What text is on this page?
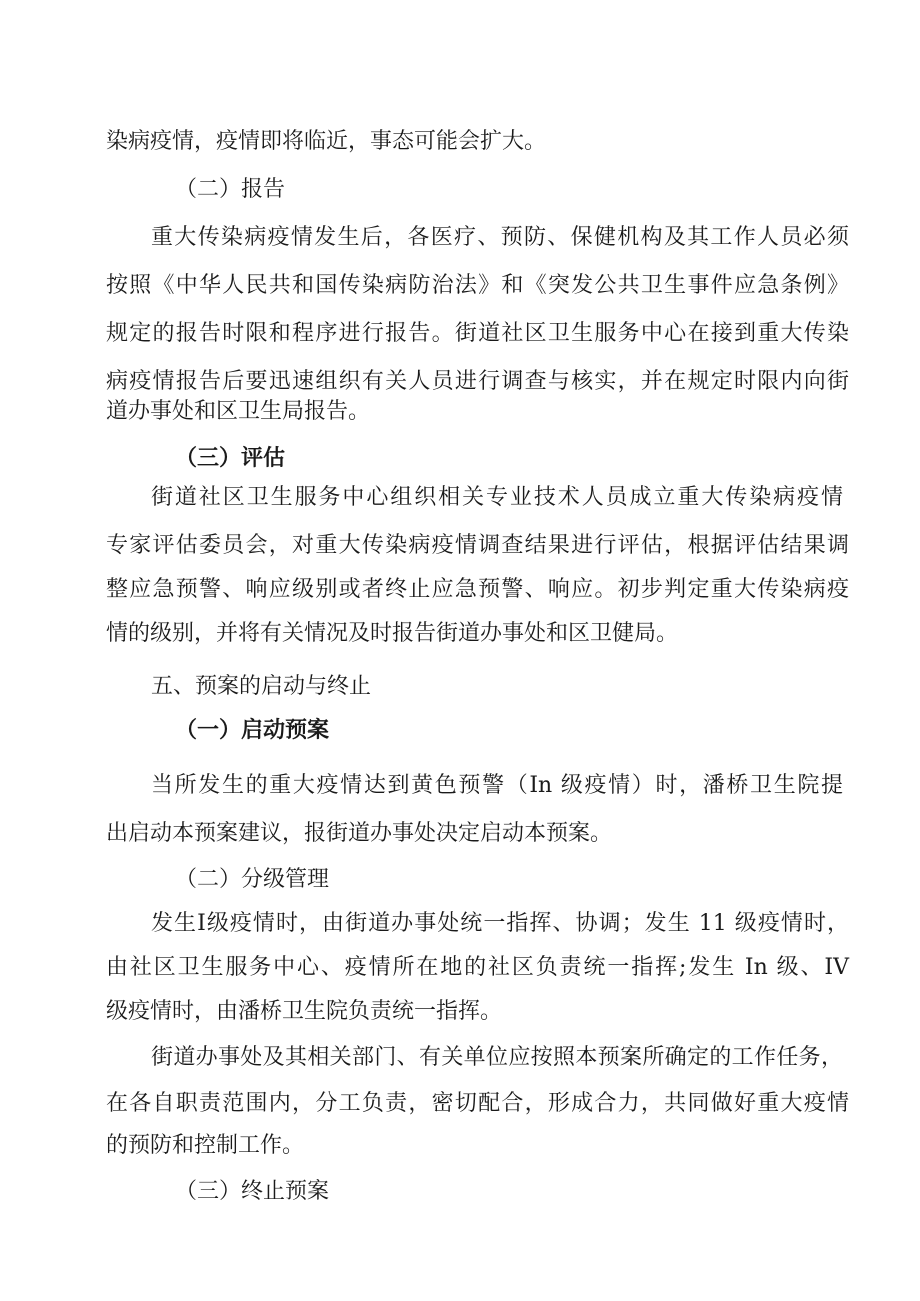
染病疫情，疫情即将临近，事态可能会扩大。
（二）报告
重大传染病疫情发生后，各医疗、预防、保健机构及其工作人员必须
按照《中华人民共和国传染病防治法》和《突发公共卫生事件应急条例》
规定的报告时限和程序进行报告。街道社区卫生服务中心在接到重大传染
病疫情报告后要迅速组织有关人员进行调查与核实，并在规定时限内向街
道办事处和区卫生局报告。
（三）评估
街道社区卫生服务中心组织相关专业技术人员成立重大传染病疫情
专家评估委员会，对重大传染病疫情调查结果进行评估，根据评估结果调
整应急预警、响应级别或者终止应急预警、响应。初步判定重大传染病疫
情的级别，并将有关情况及时报告街道办事处和区卫健局。
五、预案的启动与终止
（一）启动预案
当所发生的重大疫情达到黄色预警（In 级疫情）时，潘桥卫生院提
出启动本预案建议，报街道办事处决定启动本预案。
（二）分级管理
发生Ⅰ级疫情时，由街道办事处统一指挥、协调；发生 11 级疫情时，
由社区卫生服务中心、疫情所在地的社区负责统一指挥;发生 In 级、IV
级疫情时，由潘桥卫生院负责统一指挥。
街道办事处及其相关部门、有关单位应按照本预案所确定的工作任务，
在各自职责范围内，分工负责，密切配合，形成合力，共同做好重大疫情
的预防和控制工作。
（三）终止预案
